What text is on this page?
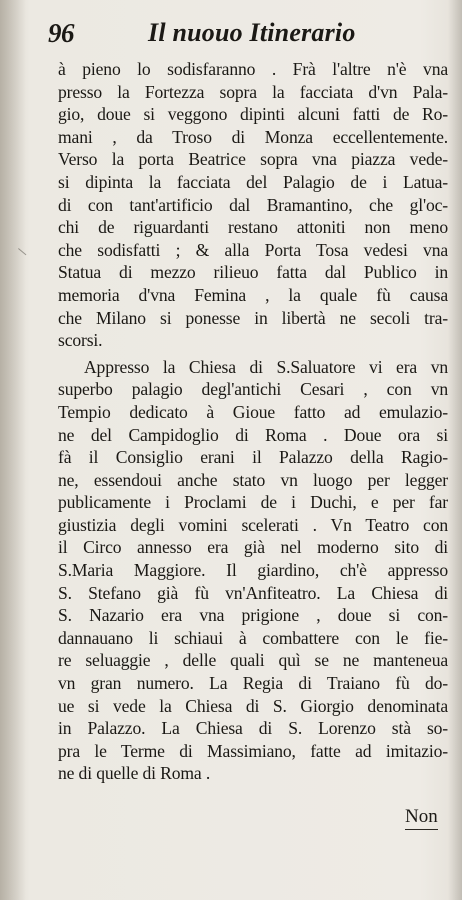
96	Il nuouo Itinerario
à pieno lo sodisfaranno . Frà l'altre n'è vna
presso la Fortezza sopra la facciata d'vn Pala-
gio, doue si veggono dipinti alcuni fatti de Ro-
mani , da Troso di Monza eccellentemente.
Verso la porta Beatrice sopra vna piazza vede-
si dipinta la facciata del Palagio de i Latua-
di con tant'artificio dal Bramantino, che gl'oc-
chi de riguardanti restano attoniti non meno
che sodisfatti ; & alla Porta Tosa vedesi vna
Statua di mezzo rilieuo fatta dal Publico in
memoria d'vna Femina , la quale fù causa
che Milano si ponesse in libertà ne secoli tra-
scorsi.
Appresso la Chiesa di S.Saluatore vi era vn
superbo palagio degl'antichi Cesari , con vn
Tempio dedicato à Gioue fatto ad emulazio-
ne del Campidoglio di Roma . Doue ora si
fà il Consiglio erani il Palazzo della Ragio-
ne, essendoui anche stato vn luogo per legger
publicamente i Proclami de i Duchi, e per far
giustizia degli vomini scelerati . Vn Teatro con
il Circo annesso era già nel moderno sito di
S.Maria Maggiore. Il giardino, ch'è appresso
S. Stefano già fù vn'Anfiteatro. La Chiesa di
S. Nazario era vna prigione , doue si con-
dannauano li schiaui à combattere con le fie-
re seluaggie , delle quali quì se ne manteneua
vn gran numero. La Regia di Traiano fù do-
ue si vede la Chiesa di S. Giorgio denominata
in Palazzo. La Chiesa di S. Lorenzo stà so-
pra le Terme di Massimiano, fatte ad imitazio-
ne di quelle di Roma .
Non
